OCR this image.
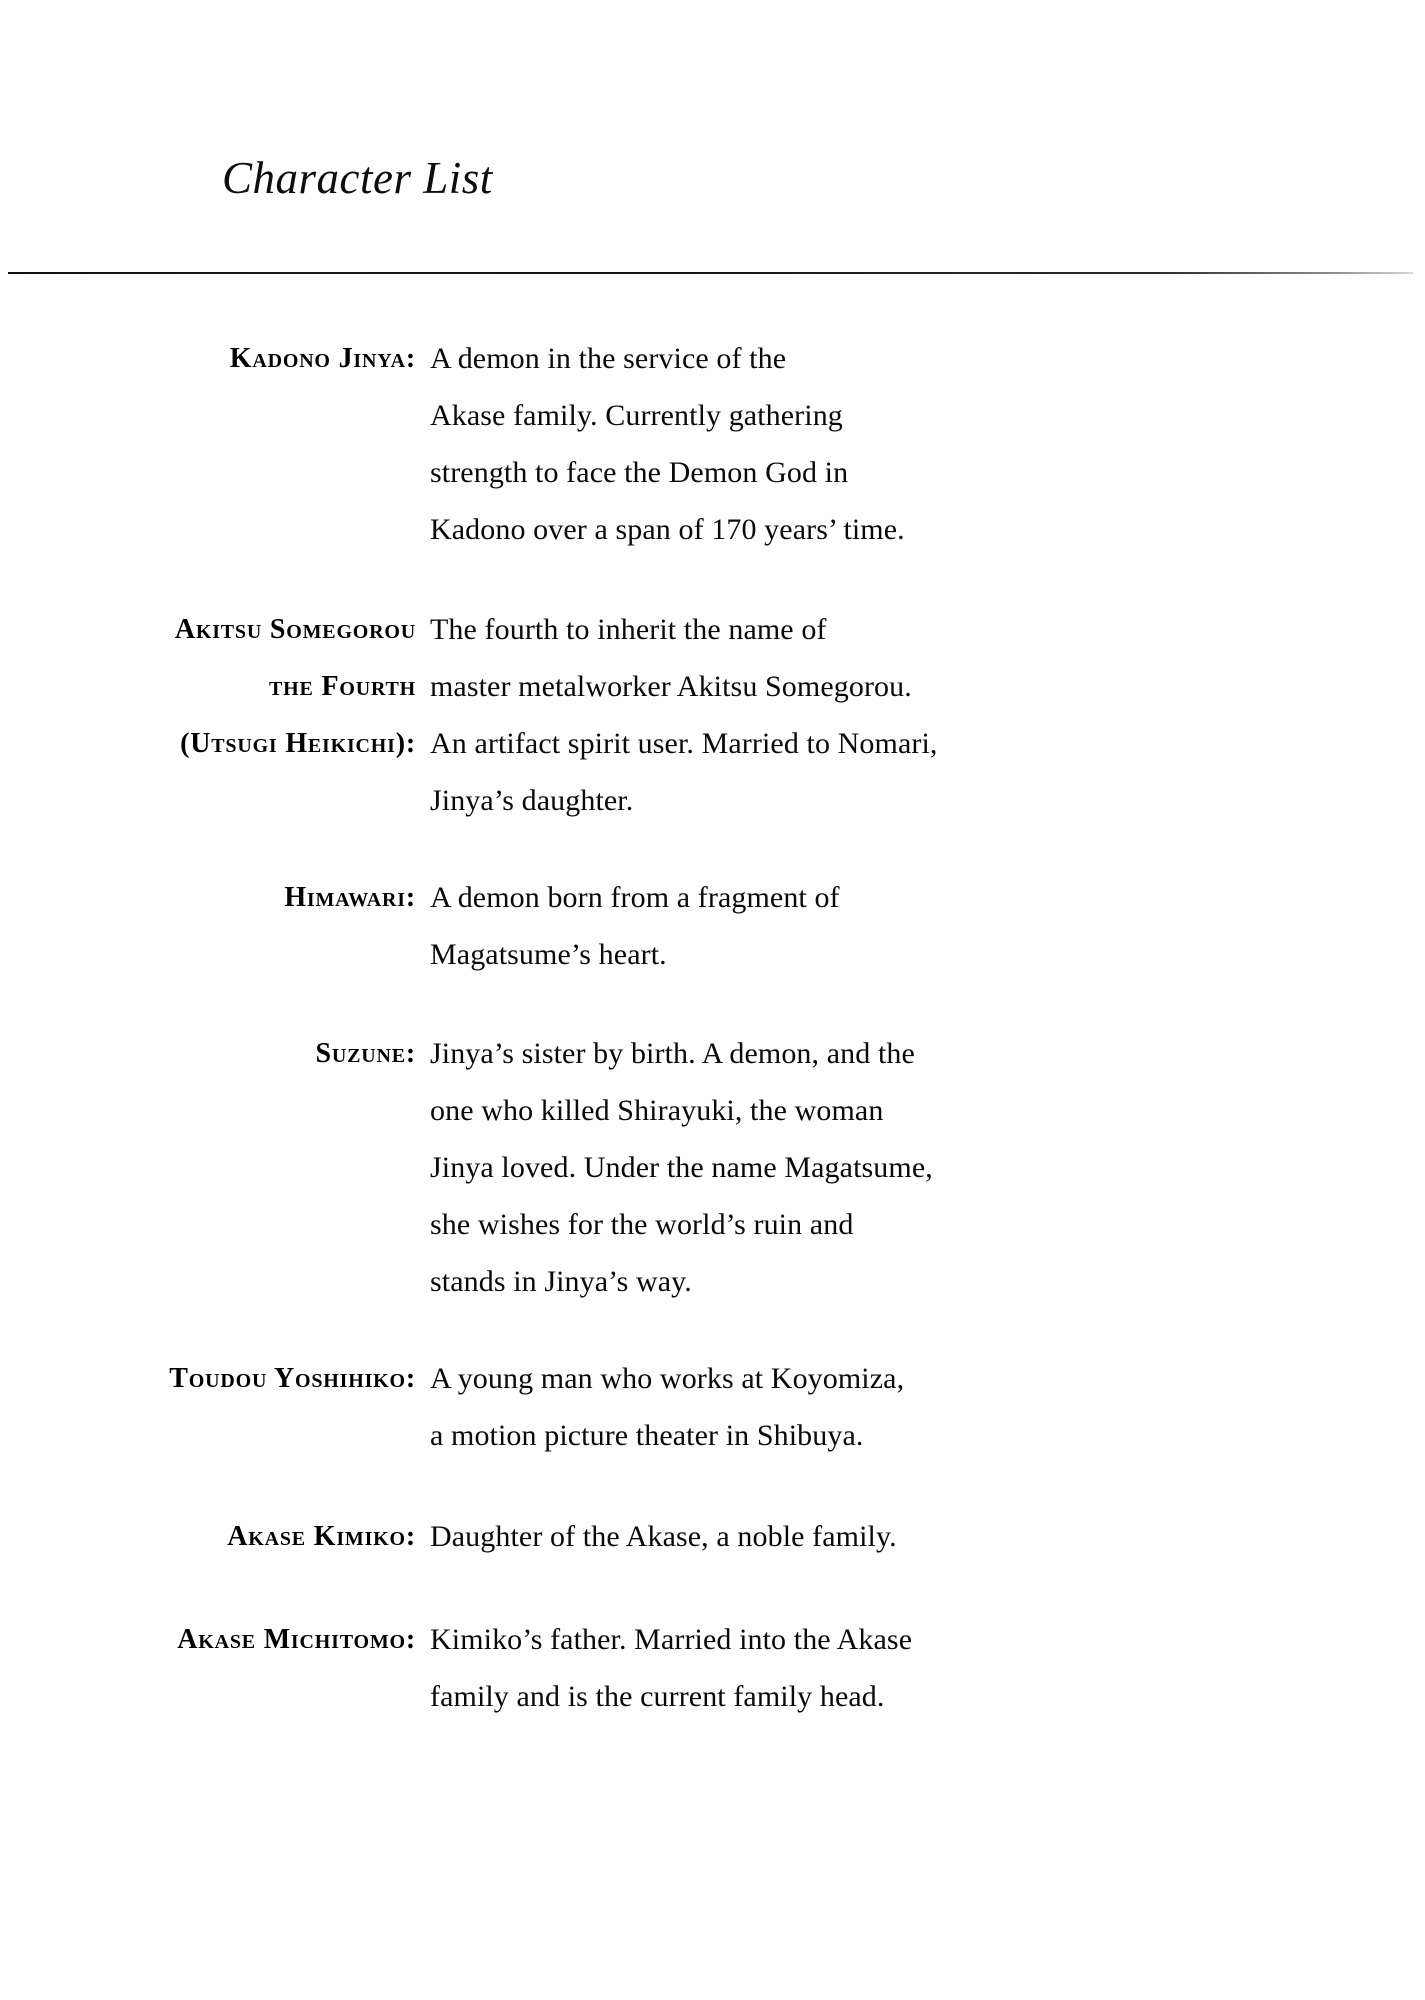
Character List
Kadono Jinya: A demon in the service of the
Akase family. Currently gathering
strength to face the Demon God in
Kadono over a span of 170 years’ time.
Akitsu Somegorou
the Fourth
(Utsugi Heikichi):
The fourth to inherit the name of
master metalworker Akitsu Somegorou.
An artifact spirit user. Married to Nomari,
Jinya’s daughter.
Himawari: A demon born from a fragment of
Magatsume’s heart.
Suzune: Jinya’s sister by birth. A demon, and the
one who killed Shirayuki, the woman
Jinya loved. Under the name Magatsume,
she wishes for the world’s ruin and
stands in Jinya’s way.
Toudou Yoshihiko: A young man who works at Koyomiza,
a motion picture theater in Shibuya.
Akase Kimiko: Daughter of the Akase, a noble family.
Akase Michitomo: Kimiko’s father. Married into the Akase
family and is the current family head.
